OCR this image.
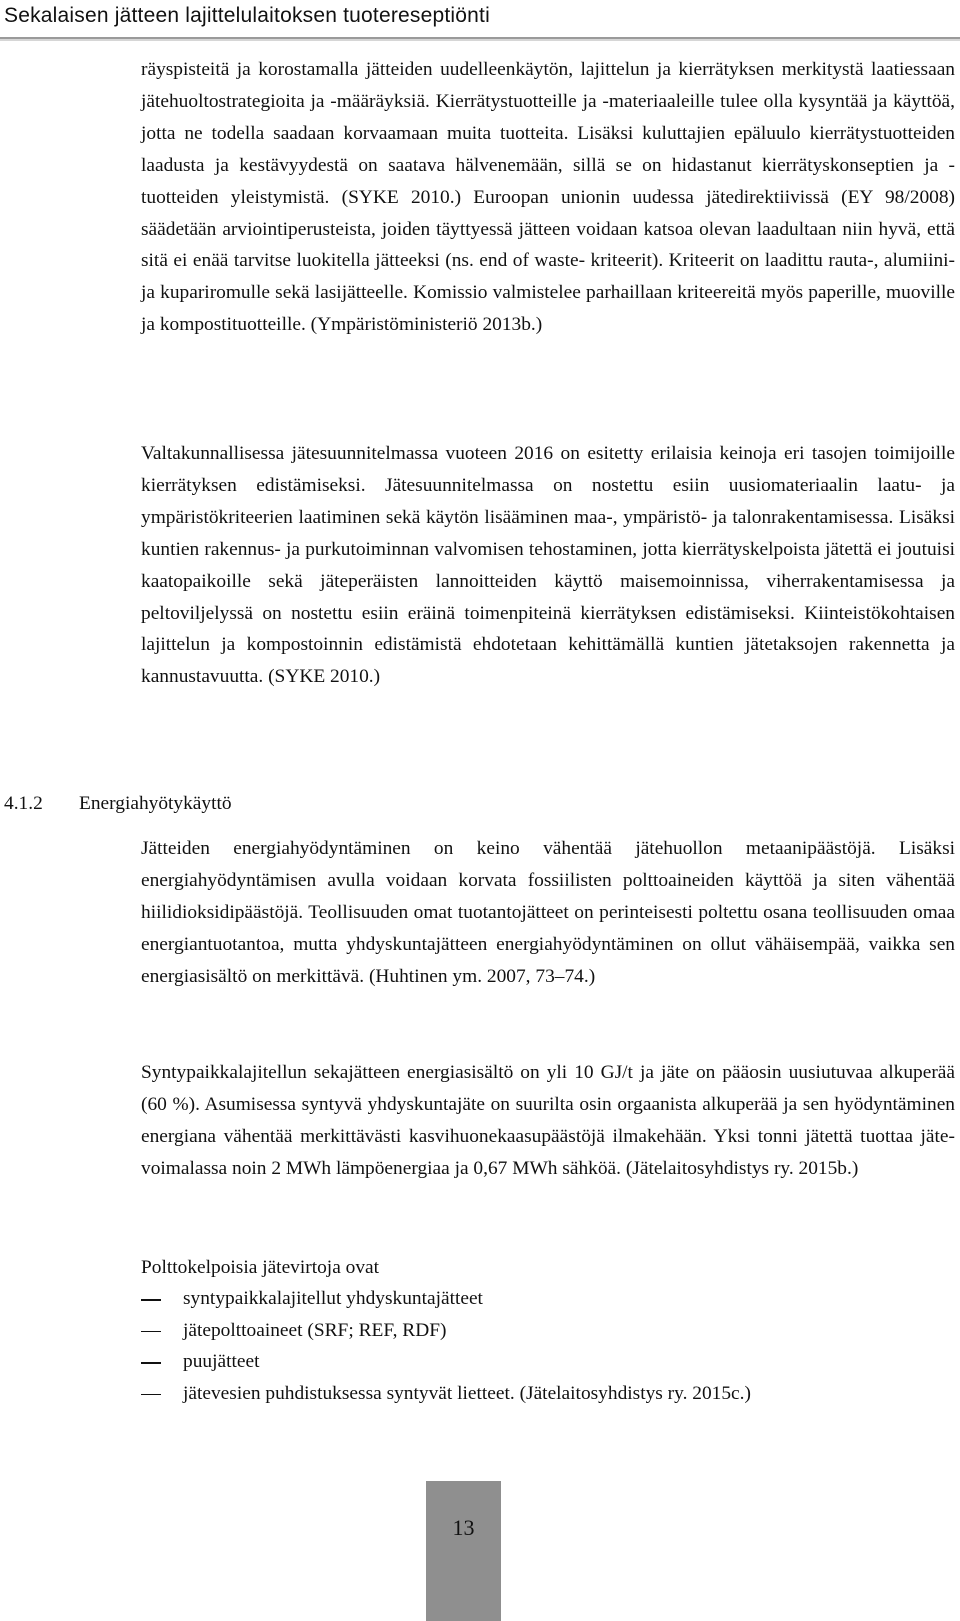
Sekalaisen jätteen lajittelulaitoksen tuotereseptiönti

räyspisteitä ja korostamalla jätteiden uudelleenkäytön, lajittelun ja kierrätyksen merkitystä laatiessaan jätehuoltostrategioita ja -määräyksiä. Kierrätystuotteille ja -materiaaleille tulee olla kysyntää ja käyttöä, jotta ne todella saadaan korvaamaan muita tuotteita. Lisäksi kuluttajien epäluulo kierrätystuotteiden laadusta ja kestävyydestä on saatava hälvenemään, sillä se on hidastanut kierrätyskonseptien ja -tuotteiden yleistymistä. (SYKE 2010.) Euroopan unionin uudessa jätedirektiivissä (EY 98/2008) säädetään arviointiperusteista, joiden täyttyessä jätteen voidaan katsoa olevan laadultaan niin hyvä, että sitä ei enää tarvitse luokitella jätteeksi (ns. end of waste- kriteerit). Kriteerit on laadittu rauta-, alumiini- ja kupariromulle sekä lasijätteelle. Komissio valmistelee parhaillaan kriteereitä myös paperille, muoville ja kompostituotteille. (Ympäristöministeriö 2013b.)

Valtakunnallisessa jätesuunnitelmassa vuoteen 2016 on esitetty erilaisia keinoja eri tasojen toimijoille kierrätyksen edistämiseksi. Jätesuunnitelmassa on nostettu esiin uusiomateriaalin laatu- ja ympäristökriteerien laatiminen sekä käytön lisääminen maa-, ympäristö- ja talonrakentamisessa. Lisäksi kuntien rakennus- ja purkutoiminnan valvomisen tehostaminen, jotta kierrätyskelpoista jätettä ei joutuisi kaatopaikoille sekä jäteperäisten lannoitteiden käyttö maisemoinnissa, viherrakentamisessa ja peltoviljelyssä on nostettu esiin eräinä toimenpiteinä kierrätyksen edistämiseksi. Kiinteistökohtaisen lajittelun ja kompostoinnin edistämistä ehdotetaan kehittämällä kuntien jätetaksojen rakennetta ja kannustavuutta. (SYKE 2010.)

4.1.2 Energiahyötykäyttö

Jätteiden energiahyödyntäminen on keino vähentää jätehuollon metaanipäästöjä. Lisäksi energiahyödyntämisen avulla voidaan korvata fossiilisten polttoaineiden käyttöä ja siten vähentää hiilidioksidipäästöjä. Teollisuuden omat tuotantojätteet on perinteisesti poltettu osana teollisuuden omaa energiantuotantoa, mutta yhdyskuntajätteen energiahyödyntäminen on ollut vähäisempää, vaikka sen energiasisältö on merkittävä. (Huhtinen ym. 2007, 73–74.)

Syntypaikkalajitellun sekajätteen energiasisältö on yli 10 GJ/t ja jäte on pääosin uusiutuvaa alkuperää (60 %). Asumisessa syntyvä yhdyskuntajäte on suurilta osin orgaanista alkuperää ja sen hyödyntäminen energiana vähentää merkittävästi kasvihuonekaasupäästöjä ilmakehään. Yksi tonni jätettä tuottaa jätevoimalassa noin 2 MWh lämpöenergiaa ja 0,67 MWh sähköä. (Jätelaitosyhdistys ry. 2015b.)

Polttokelpoisia jätevirtoja ovat
syntypaikkalajitellut yhdyskuntajätteet
jätepolttoaineet (SRF; REF, RDF)
puujätteet
jätevesien puhdistuksessa syntyvät lietteet. (Jätelaitosyhdistys ry. 2015c.)
13
